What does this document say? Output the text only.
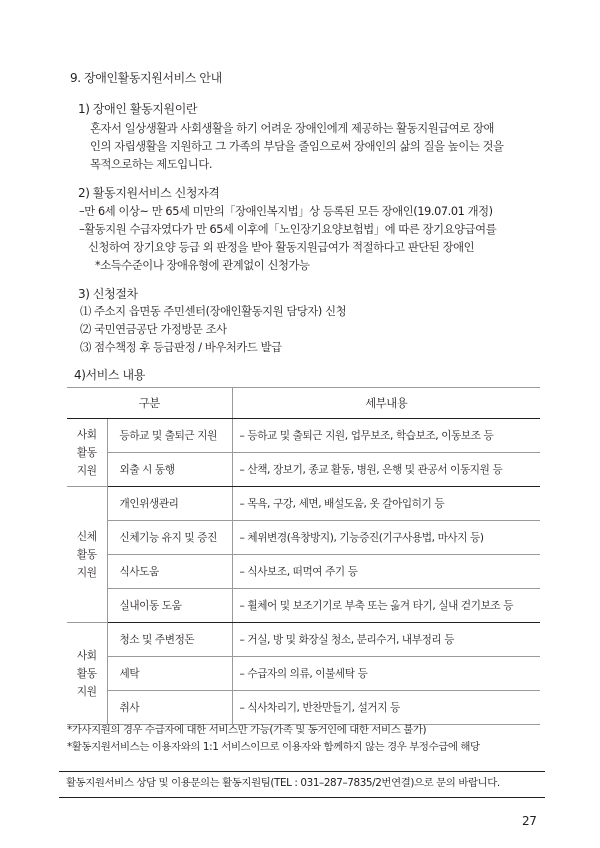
9. 장애인활동지원서비스 안내
1) 장애인 활동지원이란
혼자서 일상생활과 사회생활을 하기 어려운 장애인에게 제공하는 활동지원급여로 장애
인의 자립생활을 지원하고 그 가족의 부담을 줄임으로써 장애인의 삶의 질을 높이는 것을
목적으로하는 제도입니다.
2) 활동지원서비스 신청자격
–만 6세 이상~ 만 65세 미만의「장애인복지법」상 등록된 모든 장애인(19.07.01 개정)
–활동지원 수급자였다가 만 65세 이후에「노인장기요양보험법」에 따른 장기요양급여를
신청하여 장기요양 등급 외 판정을 받아 활동지원급여가 적절하다고 판단된 장애인
*소득수준이나 장애유형에 관계없이 신청가능
3) 신청절차
⑴ 주소지 읍면동 주민센터(장애인활동지원 담당자) 신청
⑵ 국민연금공단 가정방문 조사
⑶ 점수책정 후 등급판정 / 바우처카드 발급
4)서비스 내용
구분		세부내용
사회
활동
지원	등하교 및 출퇴근 지원	– 등하교 및 출퇴근 지원, 업무보조, 학습보조, 이동보조 등
	외출 시 동행	– 산책, 장보기, 종교 활동, 병원, 은행 및 관공서 이동지원 등
신체
활동
지원	개인위생관리	– 목욕, 구강, 세면, 배설도움, 옷 갈아입히기 등
	신체기능 유지 및 증진	– 체위변경(욕창방지), 기능증진(기구사용법, 마사지 등)
	식사도움	– 식사보조, 떠먹여 주기 등
	실내이동 도움	– 휠체어 및 보조기기로 부축 또는 옮겨 타기, 실내 걷기보조 등
사회
활동
지원	청소 및 주변정돈	– 거실, 방 및 화장실 청소, 분리수거, 내부정리 등
	세탁	– 수급자의 의류, 이불세탁 등
	취사	– 식사차리기, 반찬만들기, 설거지 등
*가사지원의 경우 수급자에 대한 서비스만 가능(가족 및 동거인에 대한 서비스 불가)
*활동지원서비스는 이용자와의 1:1 서비스이므로 이용자와 함께하지 않는 경우 부정수급에 해당
활동지원서비스 상담 및 이용문의는 활동지원팀(TEL : 031–287–7835/2번연결)으로 문의 바랍니다.
27
